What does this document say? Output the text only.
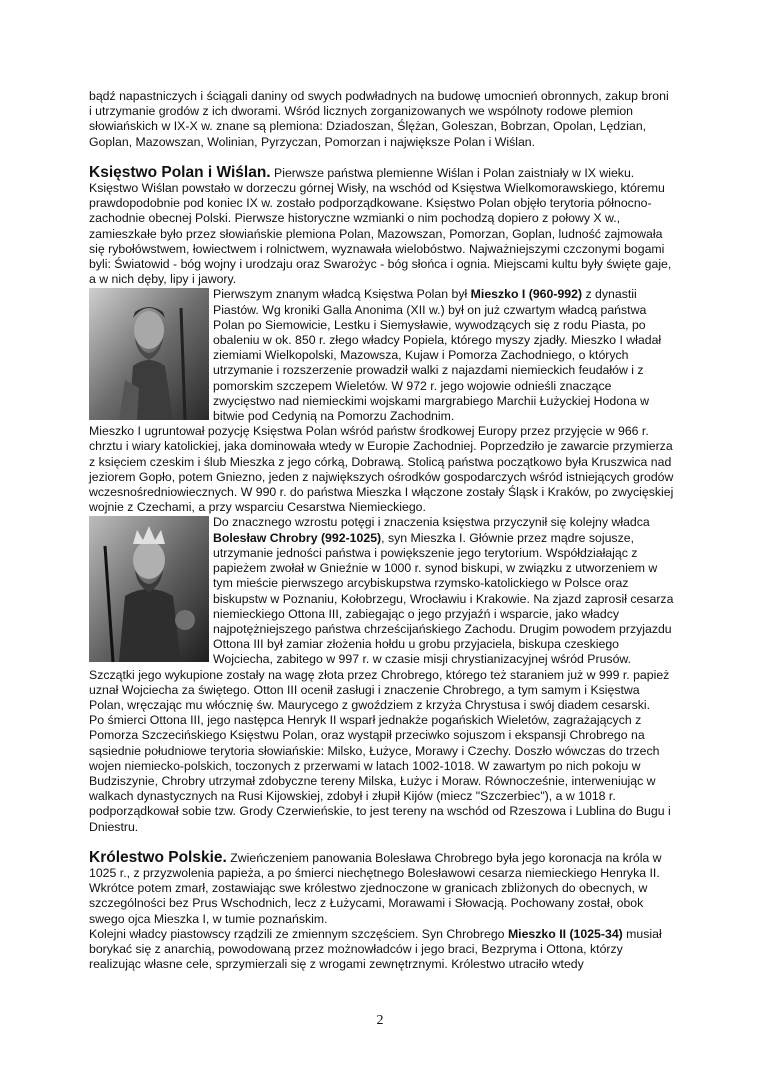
bądź napastniczych i ściągali daniny od swych podwładnych na budowę umocnień obronnych, zakup broni i utrzymanie grodów z ich dworami. Wśród licznych zorganizowanych we wspólnoty rodowe plemion słowiańskich w IX-X w. znane są plemiona: Dziadoszan, Ślężan, Goleszan, Bobrzan, Opolan, Lędzian, Goplan, Mazowszan, Wolinian, Pyrzyczan, Pomorzan i największe Polan i Wiślan.

Księstwo Polan i Wiślan. Pierwsze państwa plemienne Wiślan i Polan zaistniały w IX wieku. Księstwo Wiślan powstało w dorzeczu górnej Wisły, na wschód od Księstwa Wielkomorawskiego, któremu prawdopodobnie pod koniec IX w. zostało podporządkowane. Księstwo Polan objęło terytoria północno-zachodnie obecnej Polski. Pierwsze historyczne wzmianki o nim pochodzą dopiero z połowy X w., zamieszkałe było przez słowiańskie plemiona Polan, Mazowszan, Pomorzan, Goplan, ludność zajmowała się rybołówstwem, łowiectwem i rolnictwem, wyznawała wielobóstwo. Najważniejszymi czczonymi bogami byli: Światowid - bóg wojny i urodzaju oraz Swarożyc - bóg słońca i ognia. Miejscami kultu były święte gaje, a w nich dęby, lipy i jawory.

Pierwszym znanym władcą Księstwa Polan był Mieszko I (960-992) z dynastii Piastów. Wg kroniki Galla Anonima (XII w.) był on już czwartym władcą państwa Polan po Siemowicie, Lestku i Siemysławie, wywodzących się z rodu Piasta, po obaleniu w ok. 850 r. złego władcy Popiela, którego myszy zjadły. Mieszko I władał ziemiami Wielkopolski, Mazowsza, Kujaw i Pomorza Zachodniego, o których utrzymanie i rozszerzenie prowadził walki z najazdami niemieckich feudałów i z pomorskim szczepem Wieletów. W 972 r. jego wojowie odnieśli znaczące zwycięstwo nad niemieckimi wojskami margrabiego Marchii Łużyckiej Hodona w bitwie pod Cedynią na Pomorzu Zachodnim.

Mieszko I ugruntował pozycję Księstwa Polan wśród państw środkowej Europy przez przyjęcie w 966 r. chrztu i wiary katolickiej, jaka dominowała wtedy w Europie Zachodniej. Poprzedziło je zawarcie przymierza z księciem czeskim i ślub Mieszka z jego córką, Dobrawą. Stolicą państwa początkowo była Kruszwica nad jeziorem Gopło, potem Gniezno, jeden z największych ośrodków gospodarczych wśród istniejących grodów wczesnośredniowiecznych. W 990 r. do państwa Mieszka I włączone zostały Śląsk i Kraków, po zwycięskiej wojnie z Czechami, a przy wsparciu Cesarstwa Niemieckiego.

Do znacznego wzrostu potęgi i znaczenia księstwa przyczynił się kolejny władca Bolesław Chrobry (992-1025), syn Mieszka I. Głównie przez mądre sojusze, utrzymanie jedności państwa i powiększenie jego terytorium. Współdziałając z papieżem zwołał w Gnieźnie w 1000 r. synod biskupi, w związku z utworzeniem w tym mieście pierwszego arcybiskupstwa rzymsko-katolickiego w Polsce oraz biskupstw w Poznaniu, Kołobrzegu, Wrocławiu i Krakowie. Na zjazd zaprosił cesarza niemieckiego Ottona III, zabiegając o jego przyjaźń i wsparcie, jako władcy najpotężniejszego państwa chrześcijańskiego Zachodu. Drugim powodem przyjazdu Ottona III był zamiar złożenia hołdu u grobu przyjaciela, biskupa czeskiego Wojciecha, zabitego w 997 r. w czasie misji chrystianizacyjnej wśród Prusów. Szczątki jego wykupione zostały na wagę złota przez Chrobrego, którego też staraniem już w 999 r. papież uznał Wojciecha za świętego. Otton III ocenił zasługi i znaczenie Chrobrego, a tym samym i Księstwa Polan, wręczając mu włócznię św. Maurycego z gwoździem z krzyża Chrystusa i swój diadem cesarski.

Po śmierci Ottona III, jego następca Henryk II wsparł jednakże pogańskich Wieletów, zagrażających z Pomorza Szczecińskiego Księstwu Polan, oraz wystąpił przeciwko sojuszom i ekspansji Chrobrego na sąsiednie południowe terytoria słowiańskie: Milsko, Łużyce, Morawy i Czechy. Doszło wówczas do trzech wojen niemiecko-polskich, toczonych z przerwami w latach 1002-1018. W zawartym po nich pokoju w Budziszynie, Chrobry utrzymał zdobyczne tereny Milska, Łużyc i Moraw. Równocześnie, interweniując w walkach dynastycznych na Rusi Kijowskiej, zdobył i złupił Kijów (miecz "Szczerbiec"), a w 1018 r. podporządkował sobie tzw. Grody Czerwieńskie, to jest tereny na wschód od Rzeszowa i Lublina do Bugu i Dniestru.

Królestwo Polskie. Zwieńczeniem panowania Bolesława Chrobrego była jego koronacja na króla w 1025 r., z przyzwolenia papieża, a po śmierci niechętnego Bolesławowi cesarza niemieckiego Henryka II. Wkrótce potem zmarł, zostawiając swe królestwo zjednoczone w granicach zbliżonych do obecnych, w szczególności bez Prus Wschodnich, lecz z Łużycami, Morawami i Słowacją. Pochowany został, obok swego ojca Mieszka I, w tumie poznańskim.

Kolejni władcy piastowscy rządzili ze zmiennym szczęściem. Syn Chrobrego Mieszko II (1025-34) musiał borykać się z anarchią, powodowaną przez możnowładców i jego braci, Bezpryma i Ottona, którzy realizując własne cele, sprzymierzali się z wrogami zewnętrznymi. Królestwo utraciło wtedy

2
